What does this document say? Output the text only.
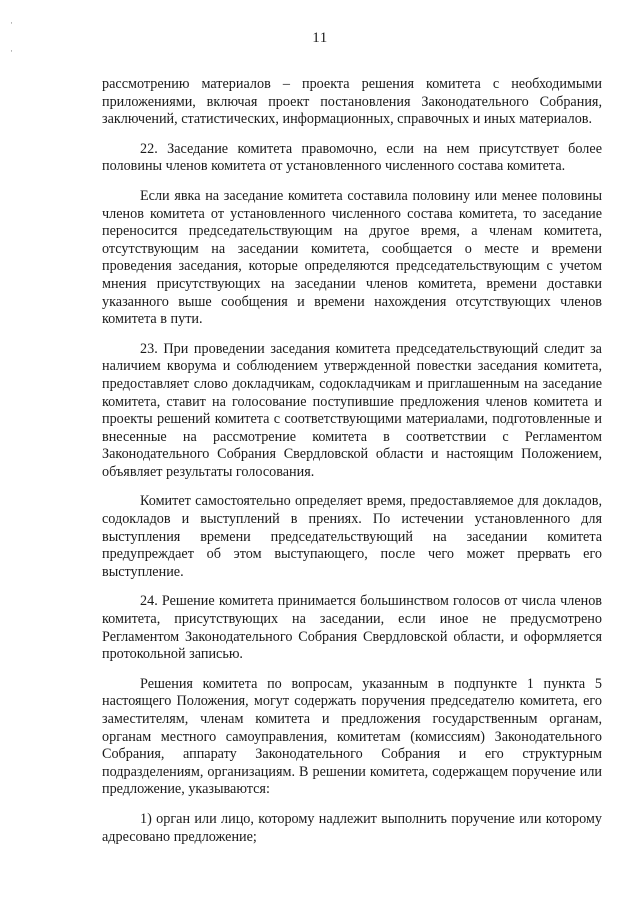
·
·
11

рассмотрению материалов – проекта решения комитета с необходимыми приложениями, включая проект постановления Законодательного Собрания, заключений, статистических, информационных, справочных и иных материалов.

22. Заседание комитета правомочно, если на нем присутствует более половины членов комитета от установленного численного состава комитета.

Если явка на заседание комитета составила половину или менее половины членов комитета от установленного численного состава комитета, то заседание переносится председательствующим на другое время, а членам комитета, отсутствующим на заседании комитета, сообщается о месте и времени проведения заседания, которые определяются председательствующим с учетом мнения присутствующих на заседании членов комитета, времени доставки указанного выше сообщения и времени нахождения отсутствующих членов комитета в пути.

23. При проведении заседания комитета председательствующий следит за наличием кворума и соблюдением утвержденной повестки заседания комитета, предоставляет слово докладчикам, содокладчикам и приглашенным на заседание комитета, ставит на голосование поступившие предложения членов комитета и проекты решений комитета с соответствующими материалами, подготовленные и внесенные на рассмотрение комитета в соответствии с Регламентом Законодательного Собрания Свердловской области и настоящим Положением, объявляет результаты голосования.

Комитет самостоятельно определяет время, предоставляемое для докладов, содокладов и выступлений в прениях. По истечении установленного для выступления времени председательствующий на заседании комитета предупреждает об этом выступающего, после чего может прервать его выступление.

24. Решение комитета принимается большинством голосов от числа членов комитета, присутствующих на заседании, если иное не предусмотрено Регламентом Законодательного Собрания Свердловской области, и оформляется протокольной записью.

Решения комитета по вопросам, указанным в подпункте 1 пункта 5 настоящего Положения, могут содержать поручения председателю комитета, его заместителям, членам комитета и предложения государственным органам, органам местного самоуправления, комитетам (комиссиям) Законодательного Собрания, аппарату Законодательного Собрания и его структурным подразделениям, организациям. В решении комитета, содержащем поручение или предложение, указываются:

1) орган или лицо, которому надлежит выполнить поручение или которому адресовано предложение;
